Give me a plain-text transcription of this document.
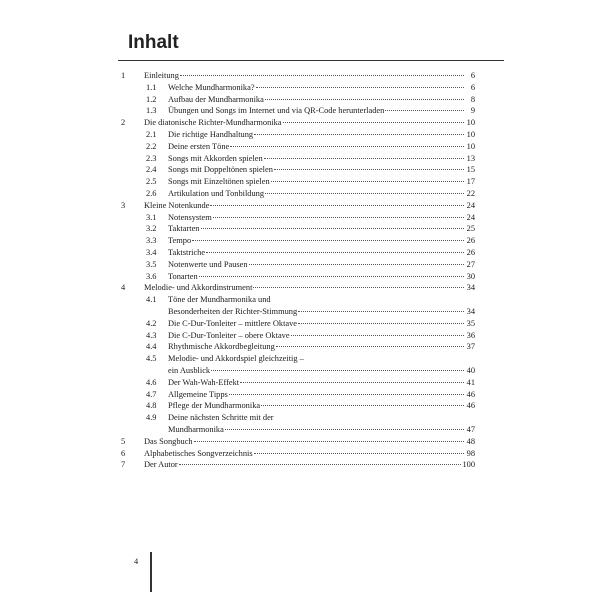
Inhalt
1 Einleitung	6
1.1 Welche Mundharmonika?	6
1.2 Aufbau der Mundharmonika	8
1.3 Übungen und Songs im Internet und via QR-Code herunterladen	9
2 Die diatonische Richter-Mundharmonika	10
2.1 Die richtige Handhaltung	10
2.2 Deine ersten Töne	10
2.3 Songs mit Akkorden spielen	13
2.4 Songs mit Doppeltönen spielen	15
2.5 Songs mit Einzeltönen spielen	17
2.6 Artikulation und Tonbildung	22
3 Kleine Notenkunde	24
3.1 Notensystem	24
3.2 Taktarten	25
3.3 Tempo	26
3.4 Taktstriche	26
3.5 Notenwerte und Pausen	27
3.6 Tonarten	30
4 Melodie- und Akkordinstrument	34
4.1 Töne der Mundharmonika und
Besonderheiten der Richter-Stimmung	34
4.2 Die C-Dur-Tonleiter – mittlere Oktave	35
4.3 Die C-Dur-Tonleiter – obere Oktave	36
4.4 Rhythmische Akkordbegleitung	37
4.5 Melodie- und Akkordspiel gleichzeitig –
ein Ausblick	40
4.6 Der Wah-Wah-Effekt	41
4.7 Allgemeine Tipps	46
4.8 Pflege der Mundharmonika	46
4.9 Deine nächsten Schritte mit der
Mundharmonika	47
5 Das Songbuch	48
6 Alphabetisches Songverzeichnis	98
7 Der Autor	100
4
